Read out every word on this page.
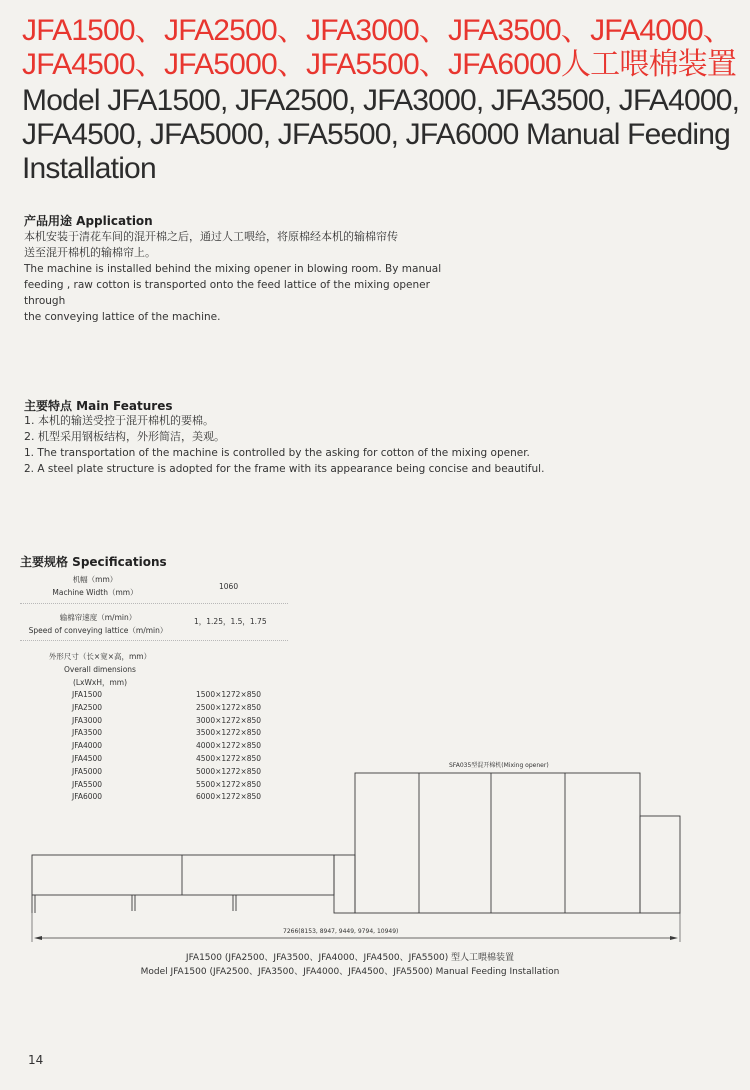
JFA1500、JFA2500、JFA3000、JFA3500、JFA4000、
JFA4500、JFA5000、JFA5500、JFA6000人工喂棉装置
Model JFA1500, JFA2500, JFA3000, JFA3500, JFA4000,
JFA4500, JFA5000, JFA5500, JFA6000 Manual Feeding
Installation
产品用途 Application
本机安装于清花车间的混开棉之后，通过人工喂给，将原棉经本机的输棉帘传
送至混开棉机的输棉帘上。
The machine is installed behind the mixing opener in blowing room. By manual
feeding , raw cotton is transported onto the feed lattice of the mixing opener through
the conveying lattice of the machine.
主要特点 Main Features
1. 本机的输送受控于混开棉机的要棉。
2. 机型采用钢板结构，外形简洁，美观。
1. The transportation of the machine is controlled by the asking for cotton of the mixing opener.
2. A steel plate structure is adopted for the frame with its appearance being concise and beautiful.
主要规格 Specifications
机幅（mm）
Machine Width（mm）
1060
输棉帘速度（m/min）
Speed of conveying lattice（m/min）
1，1.25，1.5，1.75
外形尺寸（长×宽×高，mm）
Overall dimensions
(LxWxH，mm)
JFA1500
JFA2500
JFA3000
JFA3500
JFA4000
JFA4500
JFA5000
JFA5500
JFA6000
1500×1272×850
2500×1272×850
3000×1272×850
3500×1272×850
4000×1272×850
4500×1272×850
5000×1272×850
5500×1272×850
6000×1272×850
SFA035型混开棉机(Mixing opener)
7266(8153, 8947, 9449, 9794, 10949)
JFA1500 (JFA2500、JFA3500、JFA4000、JFA4500、JFA5500) 型人工喂棉装置
Model JFA1500 (JFA2500、JFA3500、JFA4000、JFA4500、JFA5500) Manual Feeding Installation
14
